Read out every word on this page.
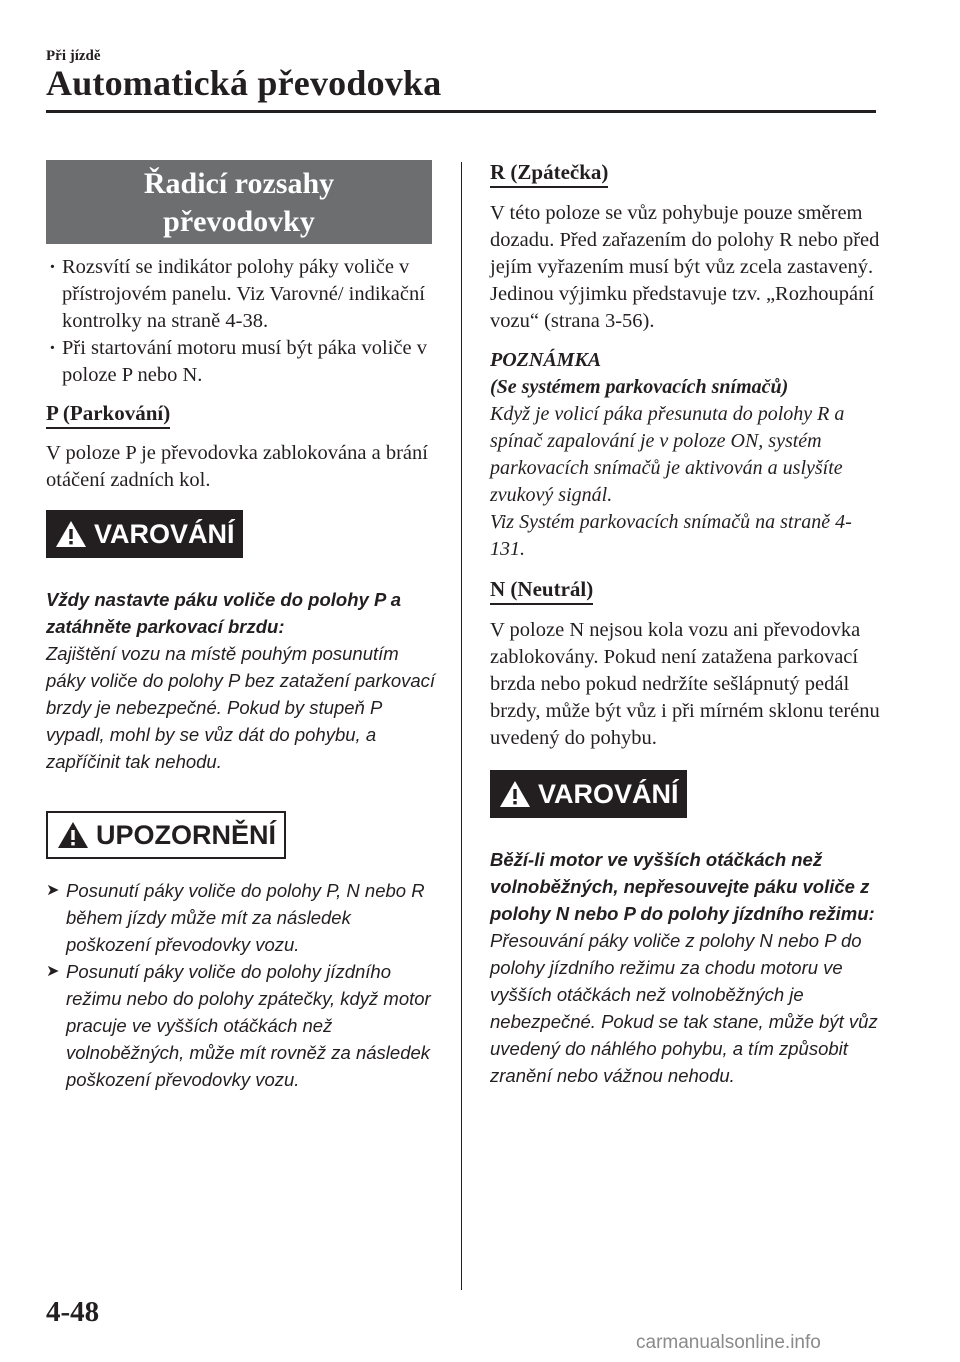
Při jízdě
Automatická převodovka
Řadicí rozsahy
převodovky
· Rozsvítí se indikátor polohy páky voliče v přístrojovém panelu. Viz Varovné/ indikační kontrolky na straně 4-38.
· Při startování motoru musí být páka voliče v poloze P nebo N.
P (Parkování)
V poloze P je převodovka zablokována a brání otáčení zadních kol.
VAROVÁNÍ
Vždy nastavte páku voliče do polohy P a zatáhněte parkovací brzdu:
Zajištění vozu na místě pouhým posunutím páky voliče do polohy P bez zatažení parkovací brzdy je nebezpečné. Pokud by stupeň P vypadl, mohl by se vůz dát do pohybu, a zapříčinit tak nehodu.
UPOZORNĚNÍ
➤ Posunutí páky voliče do polohy P, N nebo R během jízdy může mít za následek poškození převodovky vozu.
➤ Posunutí páky voliče do polohy jízdního režimu nebo do polohy zpátečky, když motor pracuje ve vyšších otáčkách než volnoběžných, může mít rovněž za následek poškození převodovky vozu.
R (Zpátečka)
V této poloze se vůz pohybuje pouze směrem dozadu. Před zařazením do polohy R nebo před jejím vyřazením musí být vůz zcela zastavený. Jedinou výjimku představuje tzv. „Rozhoupání vozu“ (strana 3-56).
POZNÁMKA
(Se systémem parkovacích snímačů)
Když je volicí páka přesunuta do polohy R a spínač zapalování je v poloze ON, systém parkovacích snímačů je aktivován a uslyšíte zvukový signál.
Viz Systém parkovacích snímačů na straně 4-131.
N (Neutrál)
V poloze N nejsou kola vozu ani převodovka zablokovány. Pokud není zatažena parkovací brzda nebo pokud nedržíte sešlápnutý pedál brzdy, může být vůz i při mírném sklonu terénu uvedený do pohybu.
VAROVÁNÍ
Běží-li motor ve vyšších otáčkách než volnoběžných, nepřesouvejte páku voliče z polohy N nebo P do polohy jízdního režimu:
Přesouvání páky voliče z polohy N nebo P do polohy jízdního režimu za chodu motoru ve vyšších otáčkách než volnoběžných je nebezpečné. Pokud se tak stane, může být vůz uvedený do náhlého pohybu, a tím způsobit zranění nebo vážnou nehodu.
4-48
carmanualsonline.info
